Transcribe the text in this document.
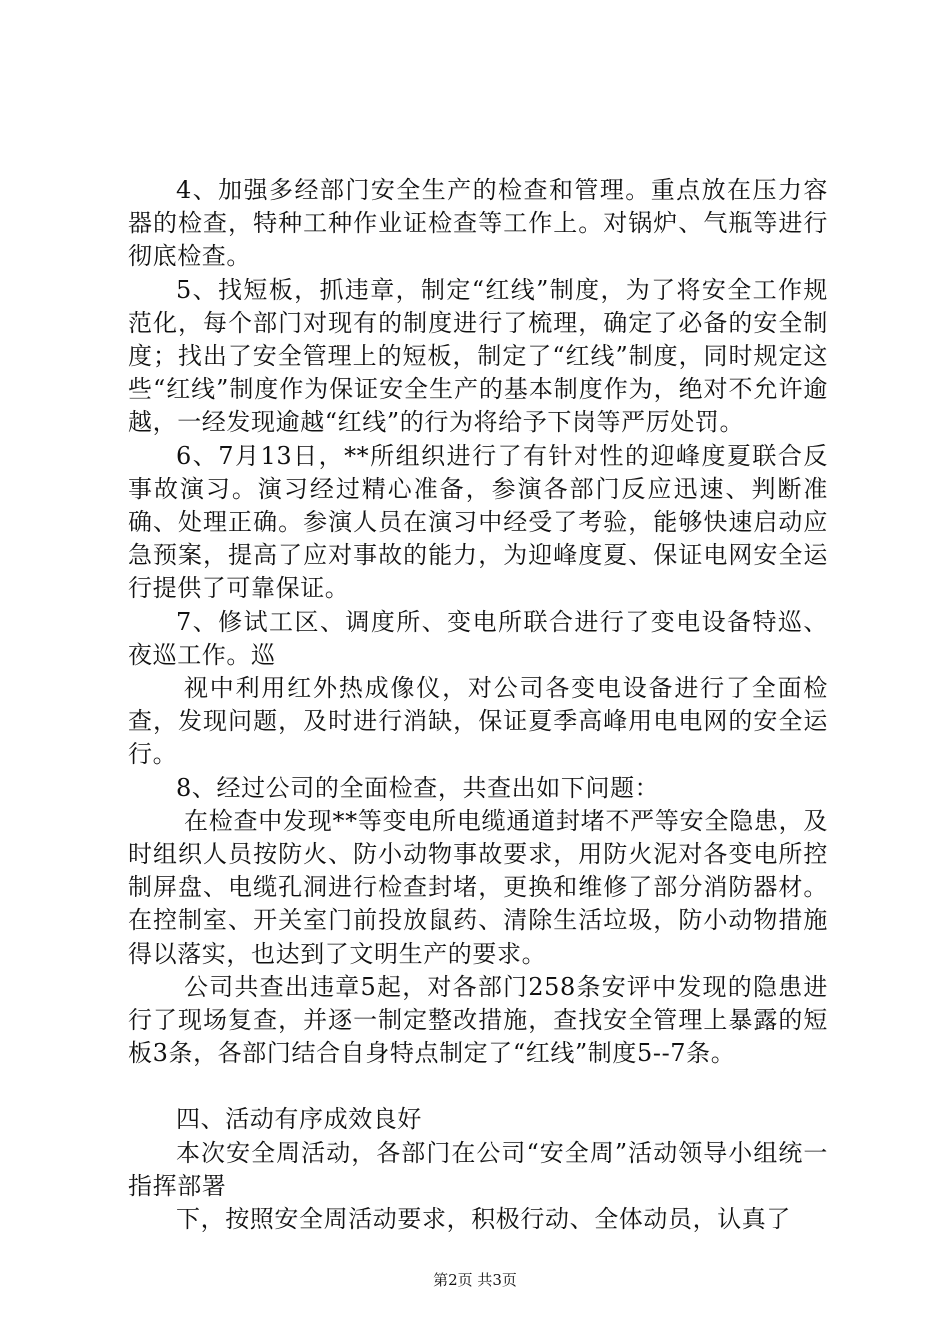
4、加强多经部门安全生产的检查和管理。重点放在压力容器的检查，特种工种作业证检查等工作上。对锅炉、气瓶等进行彻底检查。

5、找短板，抓违章，制定“红线”制度，为了将安全工作规范化，每个部门对现有的制度进行了梳理，确定了必备的安全制度；找出了安全管理上的短板，制定了“红线”制度，同时规定这些“红线”制度作为保证安全生产的基本制度作为，绝对不允许逾越，一经发现逾越“红线”的行为将给予下岗等严厉处罚。

6、7月13日，**所组织进行了有针对性的迎峰度夏联合反事故演习。演习经过精心准备，参演各部门反应迅速、判断准确、处理正确。参演人员在演习中经受了考验，能够快速启动应急预案，提高了应对事故的能力，为迎峰度夏、保证电网安全运行提供了可靠保证。

7、修试工区、调度所、变电所联合进行了变电设备特巡、夜巡工作。巡

视中利用红外热成像仪，对公司各变电设备进行了全面检查，发现问题，及时进行消缺，保证夏季高峰用电电网的安全运行。

8、经过公司的全面检查，共查出如下问题：

在检查中发现**等变电所电缆通道封堵不严等安全隐患，及时组织人员按防火、防小动物事故要求，用防火泥对各变电所控制屏盘、电缆孔洞进行检查封堵，更换和维修了部分消防器材。在控制室、开关室门前投放鼠药、清除生活垃圾，防小动物措施得以落实，也达到了文明生产的要求。

公司共查出违章5起，对各部门258条安评中发现的隐患进行了现场复查，并逐一制定整改措施，查找安全管理上暴露的短板3条，各部门结合自身特点制定了“红线”制度5--7条。

四、活动有序成效良好

本次安全周活动，各部门在公司“安全周”活动领导小组统一指挥部署

下，按照安全周活动要求，积极行动、全体动员，认真了

第2页 共3页
